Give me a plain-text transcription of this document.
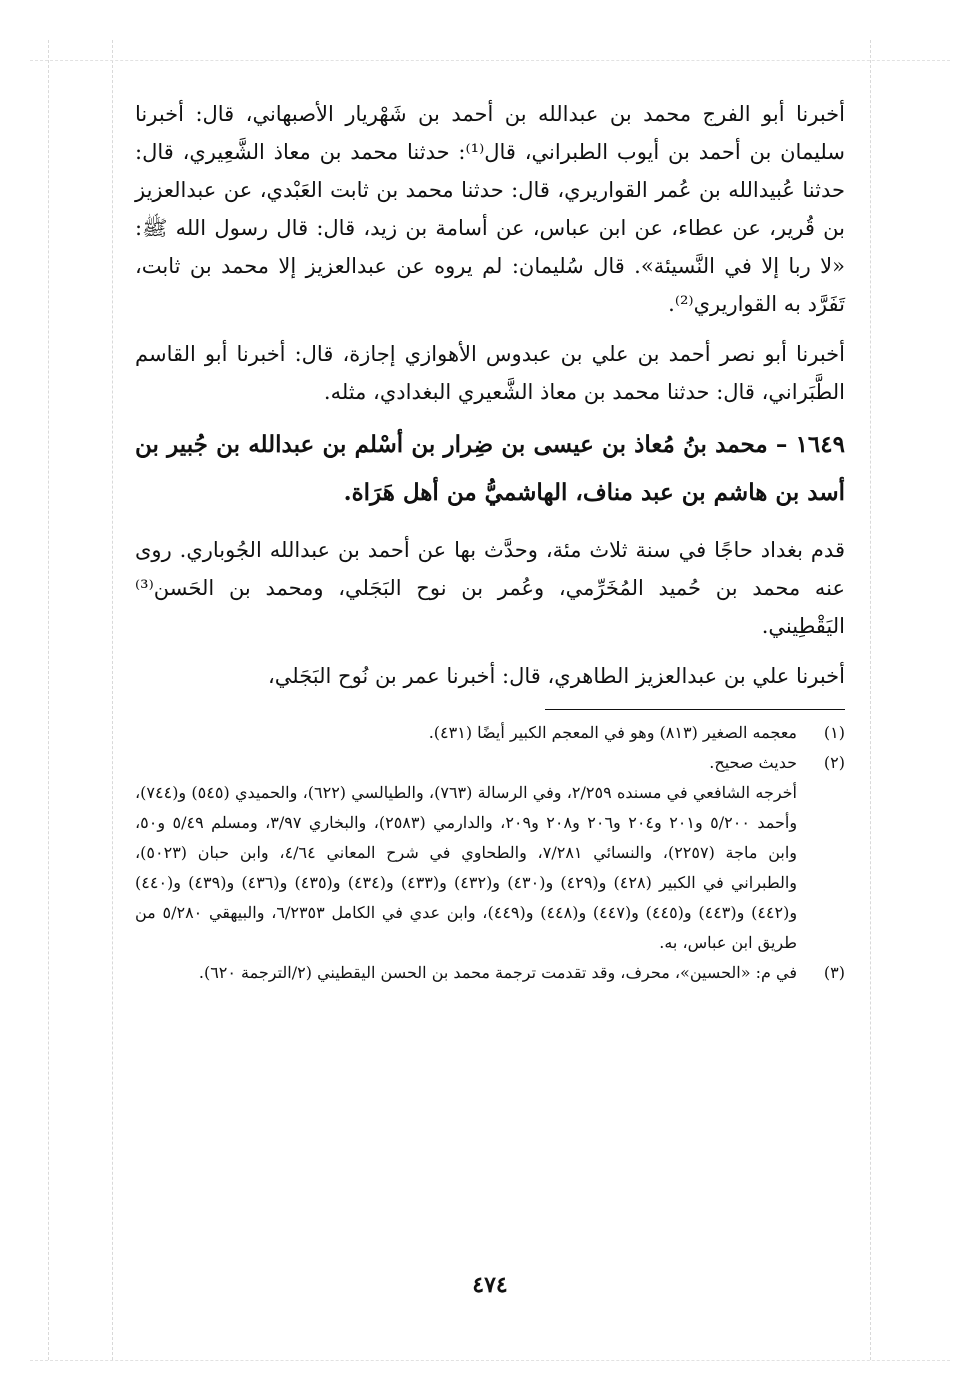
أخبرنا أبو الفرج محمد بن عبدالله بن أحمد بن شَهْريار الأصبهاني، قال: أخبرنا سليمان بن أحمد بن أيوب الطبراني، قال⁽¹⁾: حدثنا محمد بن معاذ الشَّعِيري، قال: حدثنا عُبيدالله بن عُمر القواريري، قال: حدثنا محمد بن ثابت العَبْدي، عن عبدالعزيز بن قُرير، عن عطاء، عن ابن عباس، عن أسامة بن زيد، قال: قال رسول الله ﷺ: «لا ربا إلا في النَّسيئة». قال سُليمان: لم يروه عن عبدالعزيز إلا محمد بن ثابت، تَفَرَّد به القواريري⁽²⁾.

أخبرنا أبو نصر أحمد بن علي بن عبدوس الأهوازي إجازة، قال: أخبرنا أبو القاسم الطَّبَراني، قال: حدثنا محمد بن معاذ الشَّعيري البغدادي، مثله.

١٦٤٩ – محمد بنُ مُعاذ بن عيسى بن ضِرار بن أسْلم بن عبدالله بن جُبير بن أسد بن هاشم بن عبد مناف، الهاشميُّ من أهل هَرَاة.

قدم بغداد حاجًا في سنة ثلاث مئة، وحدَّث بها عن أحمد بن عبدالله الجُوباري. روى عنه محمد بن حُميد المُخَرِّمي، وعُمر بن نوح البَجَلي، ومحمد بن الحَسن⁽³⁾ اليَقْطِيني.

أخبرنا علي بن عبدالعزيز الطاهري، قال: أخبرنا عمر بن نُوح البَجَلي،

(١)

معجمه الصغير (٨١٣) وهو في المعجم الكبير أيضًا (٤٣١).

(٢)

حديث صحيح.

أخرجه الشافعي في مسنده ٢/٢٥٩، وفي الرسالة (٧٦٣)، والطيالسي (٦٢٢)، والحميدي (٥٤٥) و(٧٤٤)، وأحمد ٥/٢٠٠ و٢٠١ و٢٠٤ و٢٠٦ و٢٠٨ و٢٠٩، والدارمي (٢٥٨٣)، والبخاري ٣/٩٧، ومسلم ٥/٤٩ و٥٠، وابن ماجة (٢٢٥٧)، والنسائي ٧/٢٨١، والطحاوي في شرح المعاني ٤/٦٤، وابن حبان (٥٠٢٣)، والطبراني في الكبير (٤٢٨) و(٤٢٩) و(٤٣٠) و(٤٣٢) و(٤٣٣) و(٤٣٤) و(٤٣٥) و(٤٣٦) و(٤٣٩) و(٤٤٠) و(٤٤٢) و(٤٤٣) و(٤٤٥) و(٤٤٧) و(٤٤٨) و(٤٤٩)، وابن عدي في الكامل ٦/٢٣٥٣، والبيهقي ٥/٢٨٠ من طريق ابن عباس، به.

(٣)

في م: «الحسين»، محرف، وقد تقدمت ترجمة محمد بن الحسن اليقطيني (٢/الترجمة ٦٢٠).

٤٧٤
